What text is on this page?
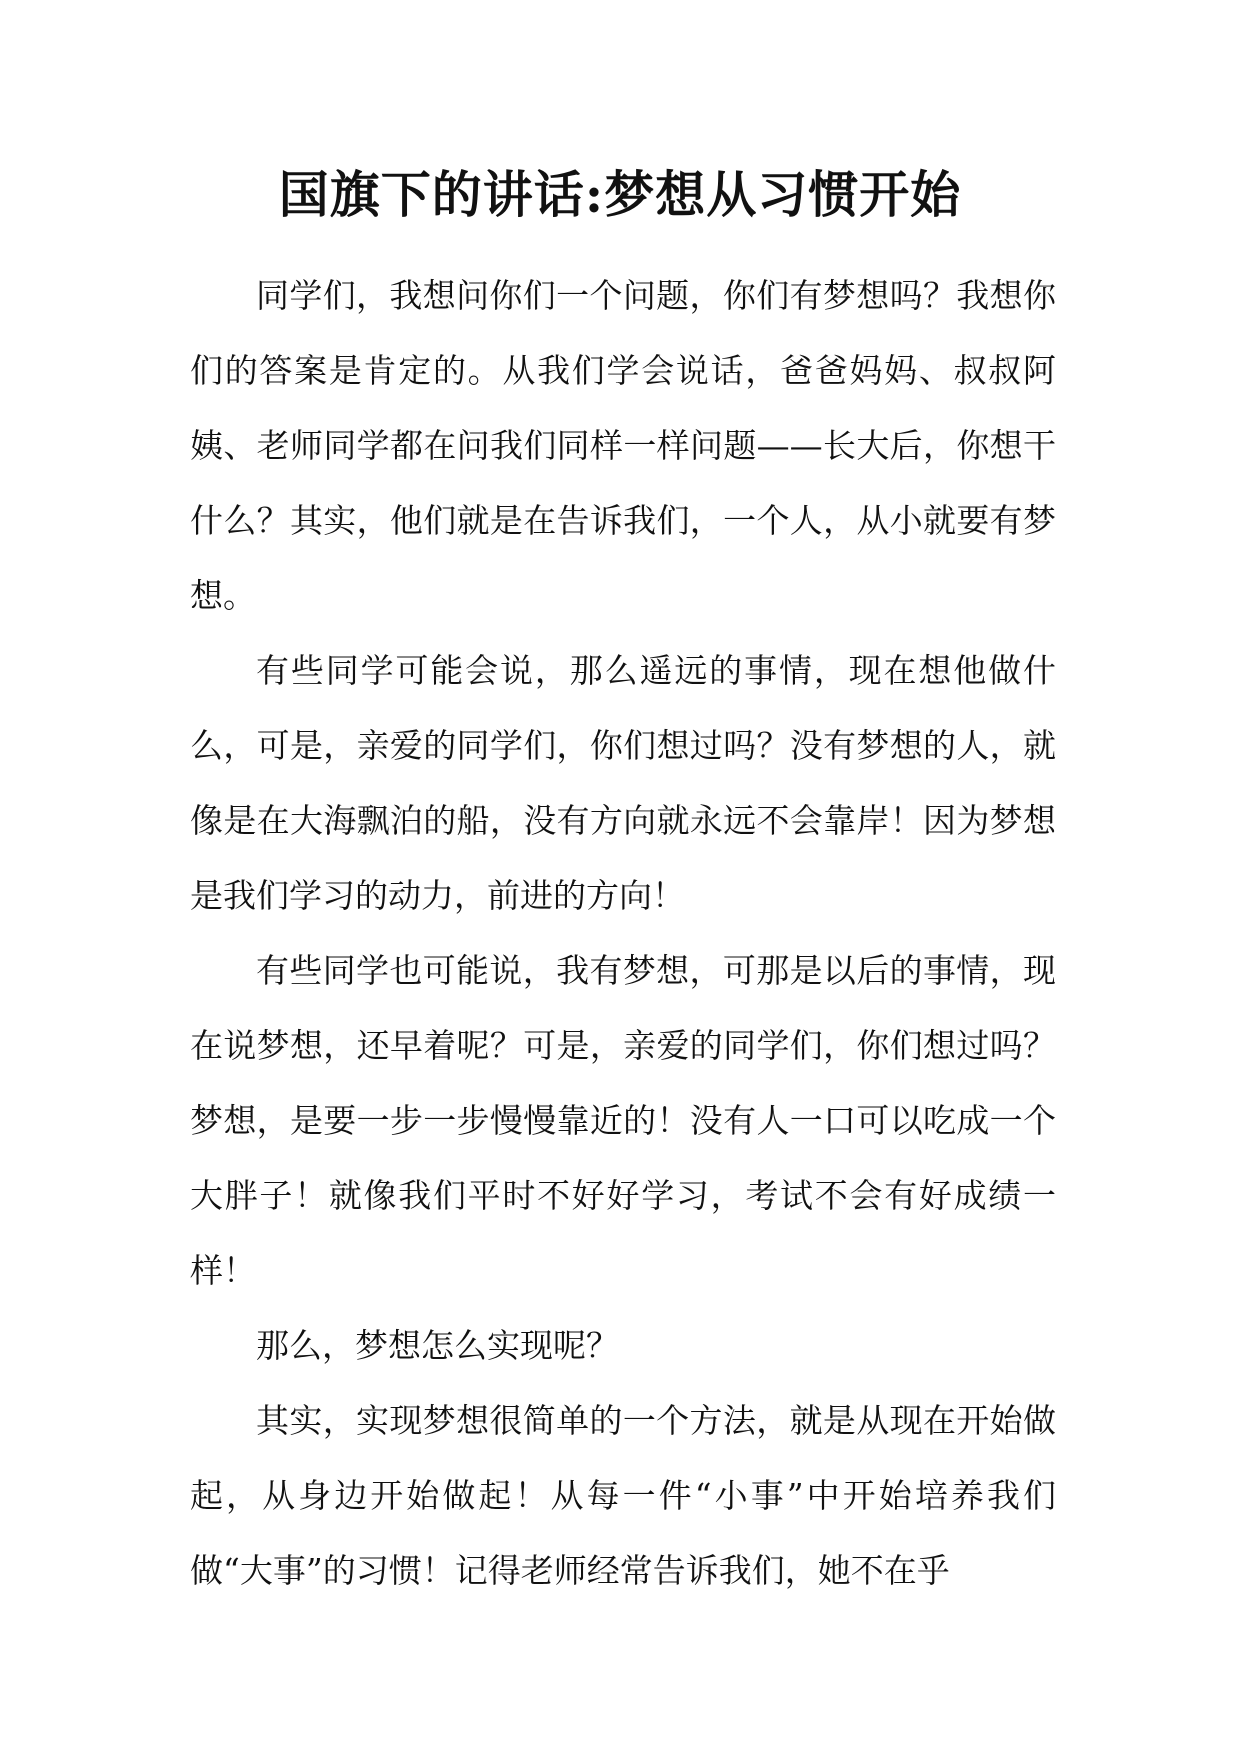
国旗下的讲话:梦想从习惯开始

同学们，我想问你们一个问题，你们有梦想吗？我想你们的答案是肯定的。从我们学会说话，爸爸妈妈、叔叔阿姨、老师同学都在问我们同样一样问题——长大后，你想干什么？其实，他们就是在告诉我们，一个人，从小就要有梦想。

有些同学可能会说，那么遥远的事情，现在想他做什么，可是，亲爱的同学们，你们想过吗？没有梦想的人，就像是在大海飘泊的船，没有方向就永远不会靠岸！因为梦想是我们学习的动力，前进的方向！

有些同学也可能说，我有梦想，可那是以后的事情，现在说梦想，还早着呢？可是，亲爱的同学们，你们想过吗？梦想，是要一步一步慢慢靠近的！没有人一口可以吃成一个大胖子！就像我们平时不好好学习，考试不会有好成绩一样！

那么，梦想怎么实现呢？

其实，实现梦想很简单的一个方法，就是从现在开始做起，从身边开始做起！从每一件“小事”中开始培养我们做“大事”的习惯！记得老师经常告诉我们，她不在乎
